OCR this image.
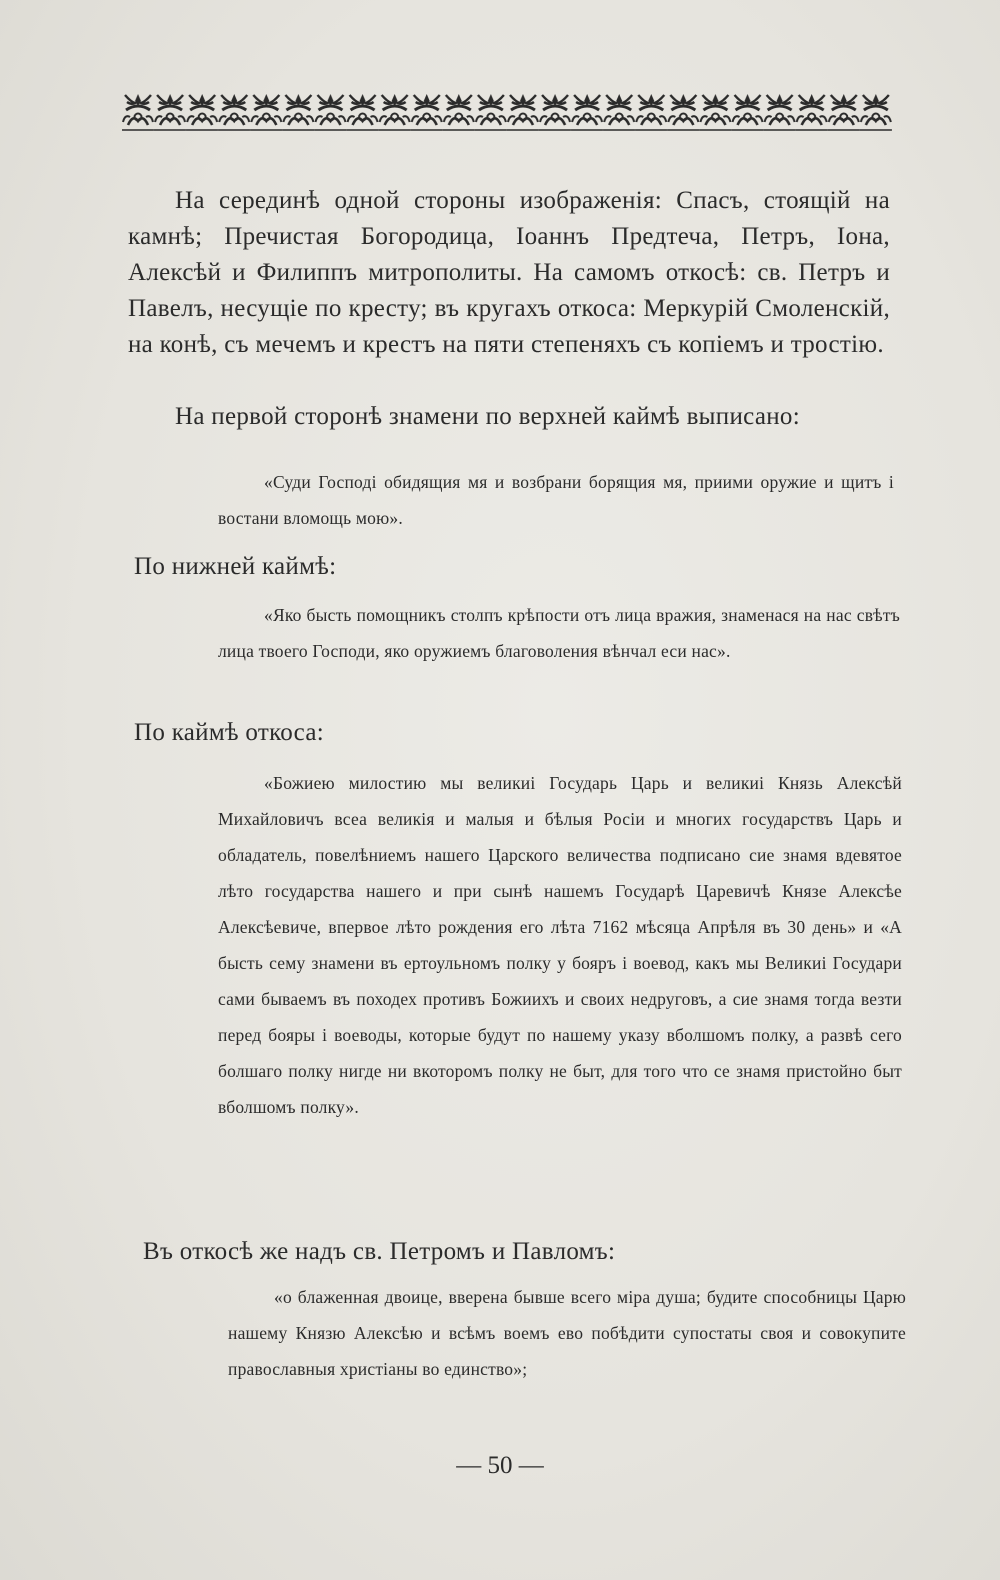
На серединѣ одной стороны изображенія: Спасъ, стоящій на камнѣ; Пречистая Богородица, Іоаннъ Предтеча, Петръ, Іона, Алексѣй и Филиппъ митрополиты. На самомъ откосѣ: св. Петръ и Павелъ, несущіе по кресту; въ кругахъ откоса: Меркурій Смоленскій, на конѣ, съ мечемъ и крестъ на пяти степеняхъ съ копіемъ и тростію.

На первой сторонѣ знамени по верхней каймѣ выписано:

«Суди Господі обидящия мя и возбрани борящия мя, приими оружие и щитъ і востани вломощь мою».

По нижней каймѣ:

«Яко бысть помощникъ столпъ крѣпости отъ лица вражия, знаменася на нас свѣтъ лица твоего Господи, яко оружиемъ благоволения вѣнчал еси нас».

По каймѣ откоса:

«Божиею милостию мы великиі Государь Царь и великиі Князь Алексѣй Михайловичъ всеа великія и малыя и бѣлыя Росіи и многих государствъ Царь и обладатель, повелѣниемъ нашего Царского величества подписано сие знамя вдевятое лѣто государства нашего и при сынѣ нашемъ Государѣ Царевичѣ Князе Алексѣе Алексѣевиче, впервое лѣто рождения его лѣта 7162 мѣсяца Апрѣля въ 30 день» и «А бысть сему знамени въ ертоульномъ полку у бояръ і воевод, какъ мы Великиі Государи сами бываемъ въ походех противъ Божиихъ и своих недруговъ, а сие знамя тогда везти перед бояры і воеводы, которые будут по нашему указу вболшомъ полку, а развѣ сего болшаго полку нигде ни вкоторомъ полку не быт, для того что се знамя пристойно быт вболшомъ полку».

Въ откосѣ же надъ св. Петромъ и Павломъ:

«о блаженная двоице, вверена бывше всего міра душа; будите способницы Царю нашему Князю Алексѣю и всѣмъ воемъ ево побѣдити супостаты своя и совокупите православныя христіаны во единство»;

— 50 —
